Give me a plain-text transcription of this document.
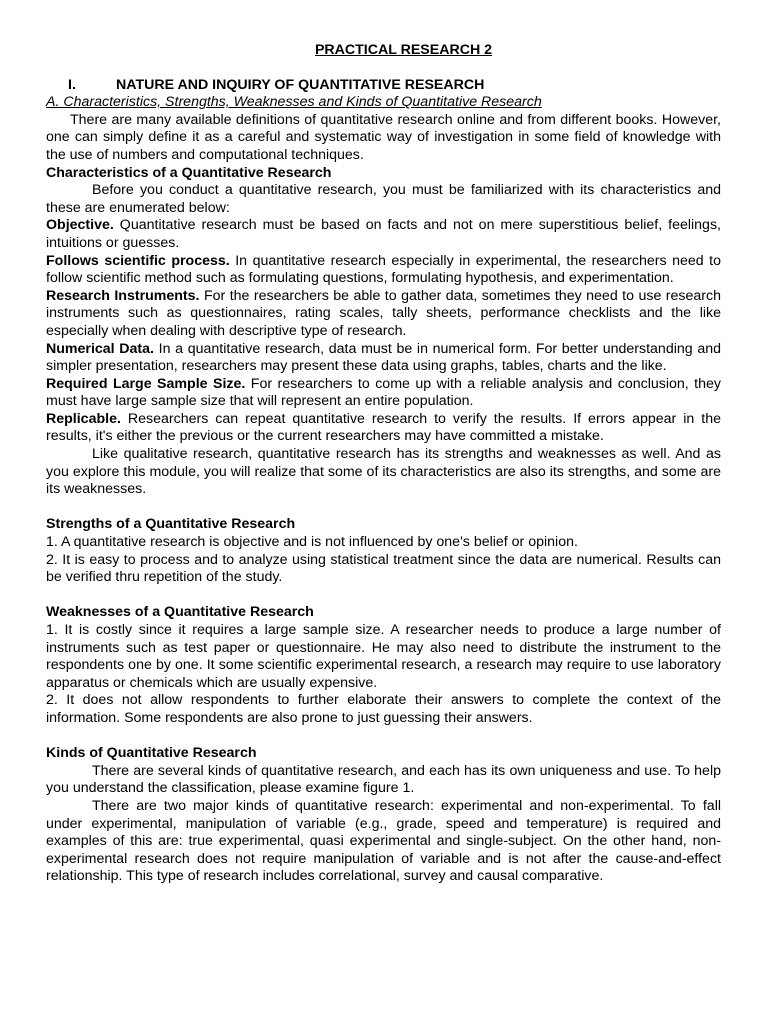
PRACTICAL RESEARCH 2

I.	NATURE AND INQUIRY OF QUANTITATIVE RESEARCH

A. Characteristics, Strengths, Weaknesses and Kinds of Quantitative Research

There are many available definitions of quantitative research online and from different books. However, one can simply define it as a careful and systematic way of investigation in some field of knowledge with the use of numbers and computational techniques.

Characteristics of a Quantitative Research

Before you conduct a quantitative research, you must be familiarized with its characteristics and these are enumerated below:

Objective. Quantitative research must be based on facts and not on mere superstitious belief, feelings, intuitions or guesses.

Follows scientific process. In quantitative research especially in experimental, the researchers need to follow scientific method such as formulating questions, formulating hypothesis, and experimentation.

Research Instruments. For the researchers be able to gather data, sometimes they need to use research instruments such as questionnaires, rating scales, tally sheets, performance checklists and the like especially when dealing with descriptive type of research.

Numerical Data. In a quantitative research, data must be in numerical form. For better understanding and simpler presentation, researchers may present these data using graphs, tables, charts and the like.

Required Large Sample Size. For researchers to come up with a reliable analysis and conclusion, they must have large sample size that will represent an entire population.

Replicable. Researchers can repeat quantitative research to verify the results. If errors appear in the results, it's either the previous or the current researchers may have committed a mistake.

Like qualitative research, quantitative research has its strengths and weaknesses as well. And as you explore this module, you will realize that some of its characteristics are also its strengths, and some are its weaknesses.

Strengths of a Quantitative Research

1. A quantitative research is objective and is not influenced by one's belief or opinion.

2. It is easy to process and to analyze using statistical treatment since the data are numerical. Results can be verified thru repetition of the study.

Weaknesses of a Quantitative Research

1. It is costly since it requires a large sample size. A researcher needs to produce a large number of instruments such as test paper or questionnaire. He may also need to distribute the instrument to the respondents one by one. It some scientific experimental research, a research may require to use laboratory apparatus or chemicals which are usually expensive.

2. It does not allow respondents to further elaborate their answers to complete the context of the information. Some respondents are also prone to just guessing their answers.

Kinds of Quantitative Research

There are several kinds of quantitative research, and each has its own uniqueness and use. To help you understand the classification, please examine figure 1.

There are two major kinds of quantitative research: experimental and non-experimental. To fall under experimental, manipulation of variable (e.g., grade, speed and temperature) is required and examples of this are: true experimental, quasi experimental and single-subject. On the other hand, non-experimental research does not require manipulation of variable and is not after the cause-and-effect relationship. This type of research includes correlational, survey and causal comparative.
